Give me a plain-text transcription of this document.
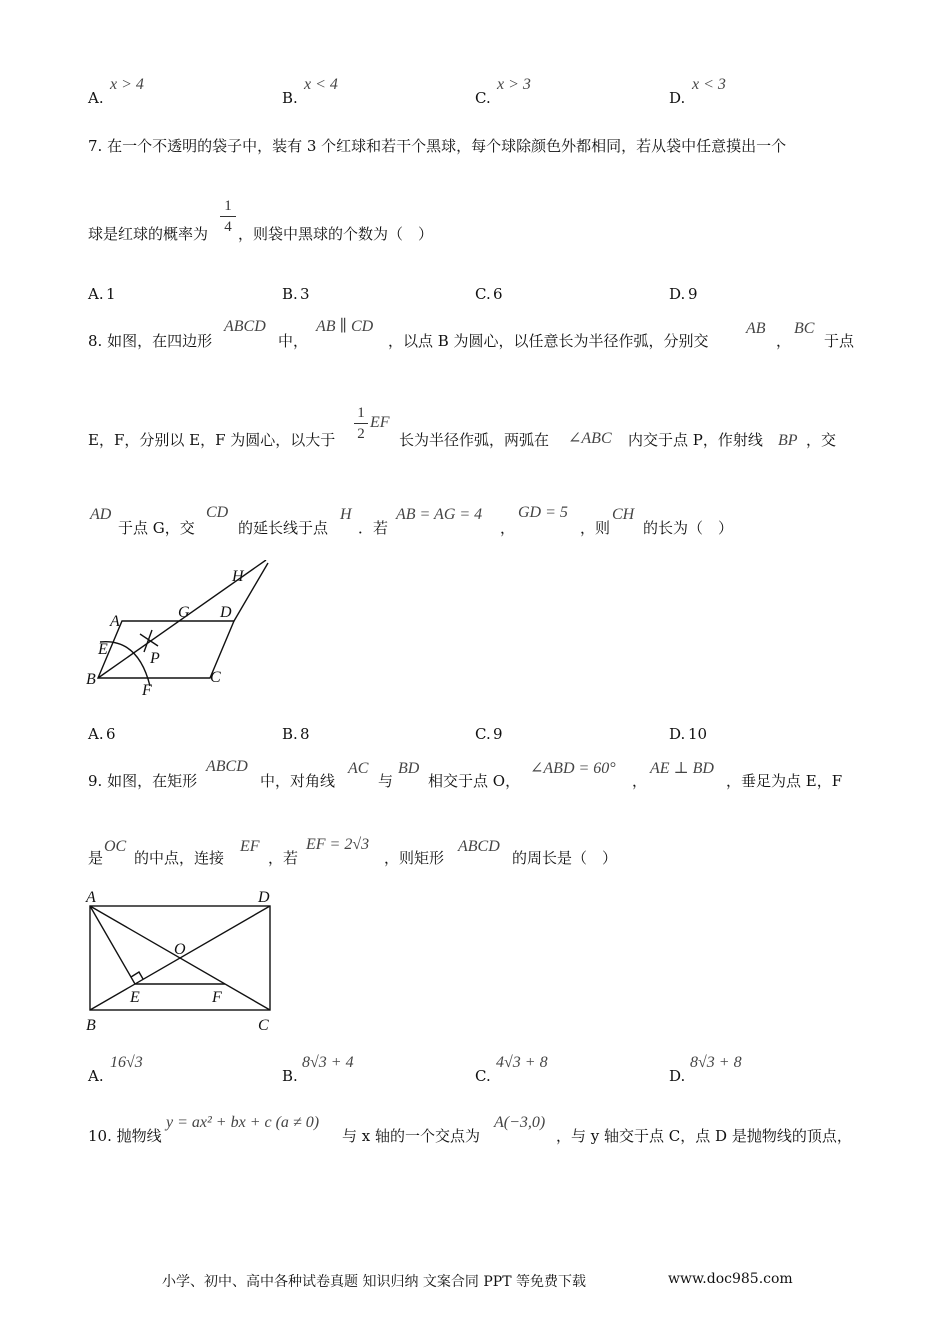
A.
x > 4
B.
x < 4
C.
x > 3
D.
x < 3
7. 在一个不透明的袋子中，装有 3 个红球和若干个黑球，每个球除颜色外都相同，若从袋中任意摸出一个
球是红球的概率为
1
4 ，则袋中黑球的个数为（　）
A. 1	B. 3	C. 6	D. 9
8. 如图，在四边形
ABCD
中，
AB ∥ CD
，以点 B 为圆心，以任意长为半径作弧，分别交
AB
，
BC
于点
E，F，分别以 E，F 为圆心，以大于
1
2
EF
长为半径作弧，两弧在 ∠ABC 内交于点 P，作射线 BP ，交
AD
于点 G，交
CD
的延长线于点
H
．若
AB = AG = 4
，
GD = 5
，则
CH
的长为（　）
A
B	C
D
E
F
G
H
P
A. 6	B. 8	C. 9	D. 10
9. 如图，在矩形
ABCD
中，对角线
AC
与
BD
相交于点 O，
∠ABD = 60°
，
AE ⊥ BD
，垂足为点 E，F
是
OC
的中点，连接
EF
，若
EF = 2√3
，则矩形
ABCD
的周长是（　）
A
B	C
D
E	F
O
A.
16√3
B.
8√3 + 4
C.
4√3 + 8
D.
8√3 + 8
10. 抛物线
y = ax² + bx + c (a ≠ 0)
与 x 轴的一个交点为
A(−3,0)
，与 y 轴交于点 C，点 D 是抛物线的顶点，
小学、初中、高中各种试卷真题 知识归纳 文案合同 PPT 等免费下载	www.doc985.com
